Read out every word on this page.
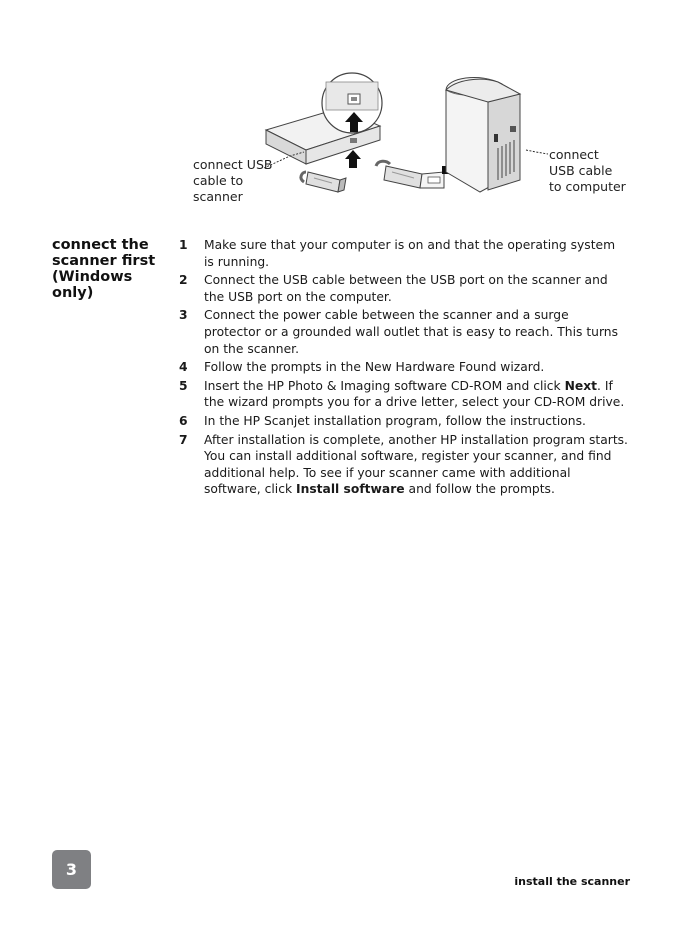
connect USB
cable to
scanner
connect
USB cable
to computer
connect the scanner first (Windows only)
1	Make sure that your computer is on and that the operating system is running.
2	Connect the USB cable between the USB port on the scanner and the USB port on the computer.
3	Connect the power cable between the scanner and a surge protector or a grounded wall outlet that is easy to reach. This turns on the scanner.
4	Follow the prompts in the New Hardware Found wizard.
5	Insert the HP Photo & Imaging software CD-ROM and click Next. If the wizard prompts you for a drive letter, select your CD-ROM drive.
6	In the HP Scanjet installation program, follow the instructions.
7	After installation is complete, another HP installation program starts. You can install additional software, register your scanner, and find additional help. To see if your scanner came with additional software, click Install software and follow the prompts.
3
install the scanner
